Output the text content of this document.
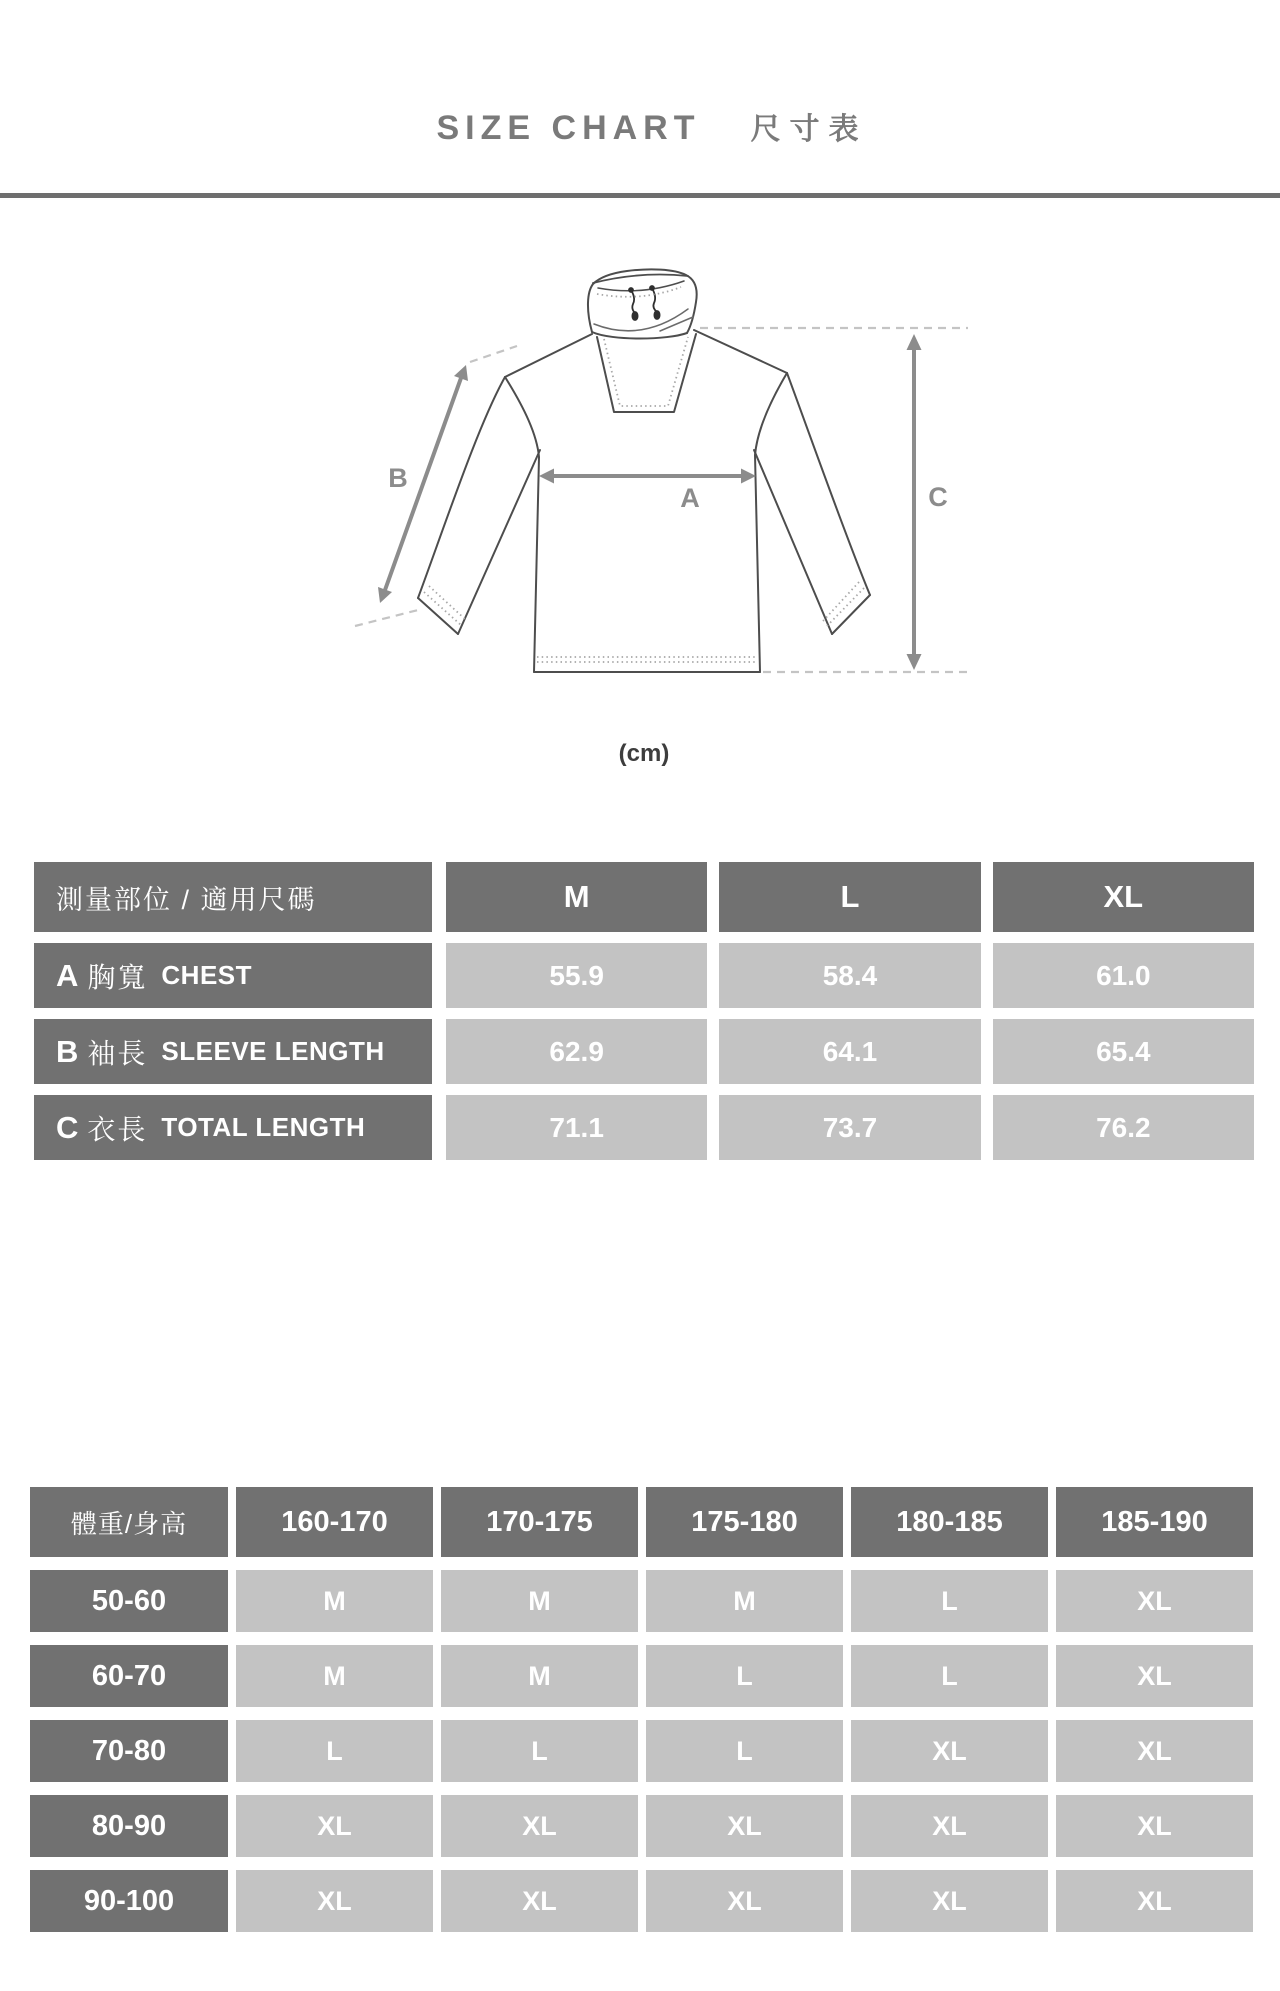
SIZE CHART 尺寸表
A
B
C
(cm)
測量部位 / 適用尺碼	M	L	XL
A 胸寬 CHEST	55.9	58.4	61.0
B 袖長 SLEEVE LENGTH	62.9	64.1	65.4
C 衣長 TOTAL LENGTH	71.1	73.7	76.2
體重/身高	160-170	170-175	175-180	180-185	185-190
50-60	M	M	M	L	XL
60-70	M	M	L	L	XL
70-80	L	L	L	XL	XL
80-90	XL	XL	XL	XL	XL
90-100	XL	XL	XL	XL	XL
